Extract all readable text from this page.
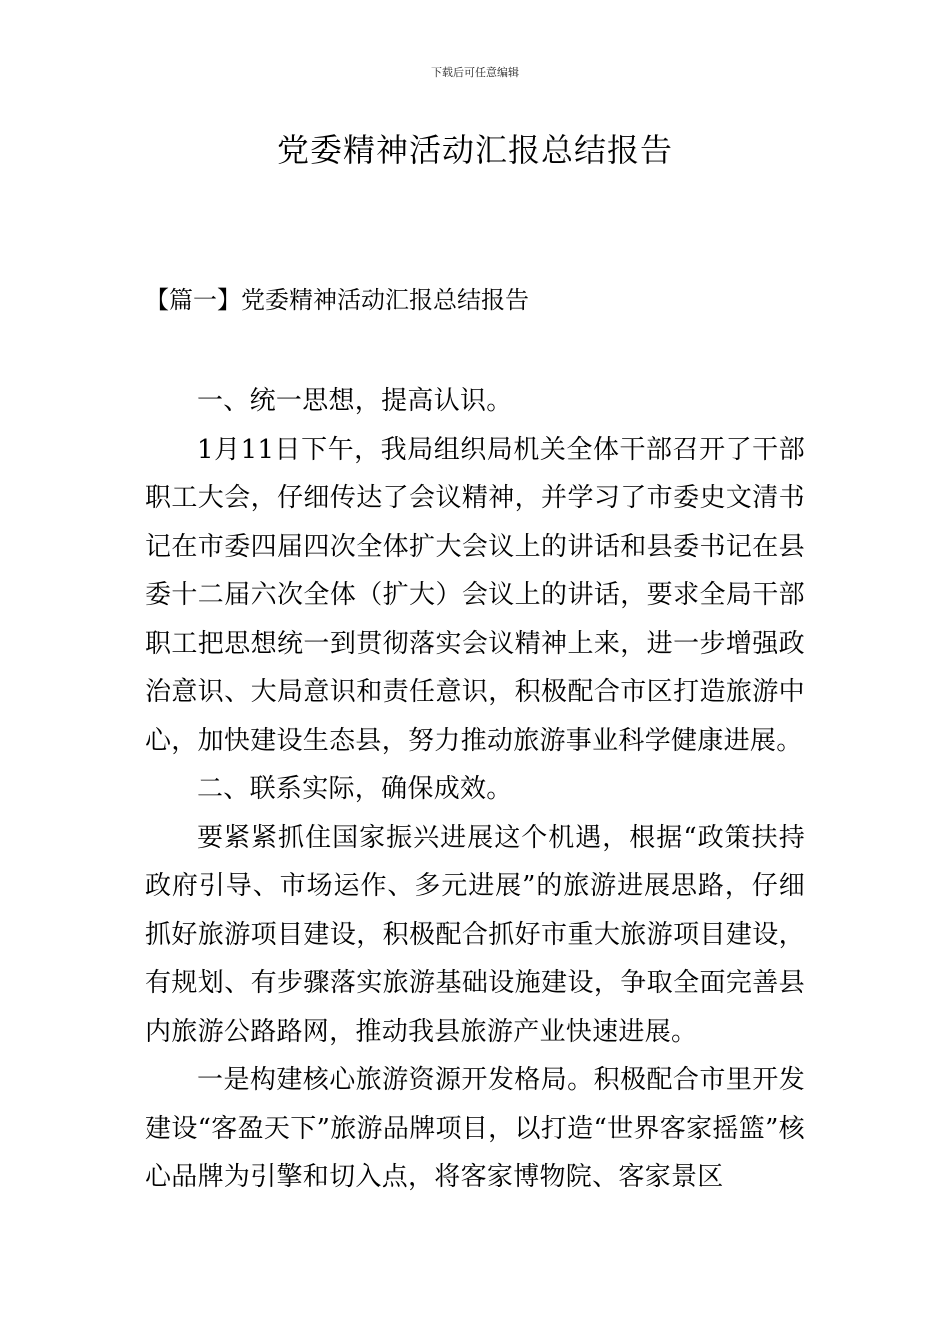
下载后可任意编辑
党委精神活动汇报总结报告
【篇一】党委精神活动汇报总结报告

一、统一思想，提高认识。

1月11日下午，我局组织局机关全体干部召开了干部职工大会，仔细传达了会议精神，并学习了市委史文清书记在市委四届四次全体扩大会议上的讲话和县委书记在县委十二届六次全体（扩大）会议上的讲话，要求全局干部职工把思想统一到贯彻落实会议精神上来，进一步增强政治意识、大局意识和责任意识，积极配合市区打造旅游中心，加快建设生态县，努力推动旅游事业科学健康进展。

二、联系实际，确保成效。

要紧紧抓住国家振兴进展这个机遇，根据“政策扶持政府引导、市场运作、多元进展”的旅游进展思路，仔细抓好旅游项目建设，积极配合抓好市重大旅游项目建设，有规划、有步骤落实旅游基础设施建设，争取全面完善县内旅游公路路网，推动我县旅游产业快速进展。

一是构建核心旅游资源开发格局。积极配合市里开发建设“客盈天下”旅游品牌项目，以打造“世界客家摇篮”核心品牌为引擎和切入点，将客家博物院、客家景区
